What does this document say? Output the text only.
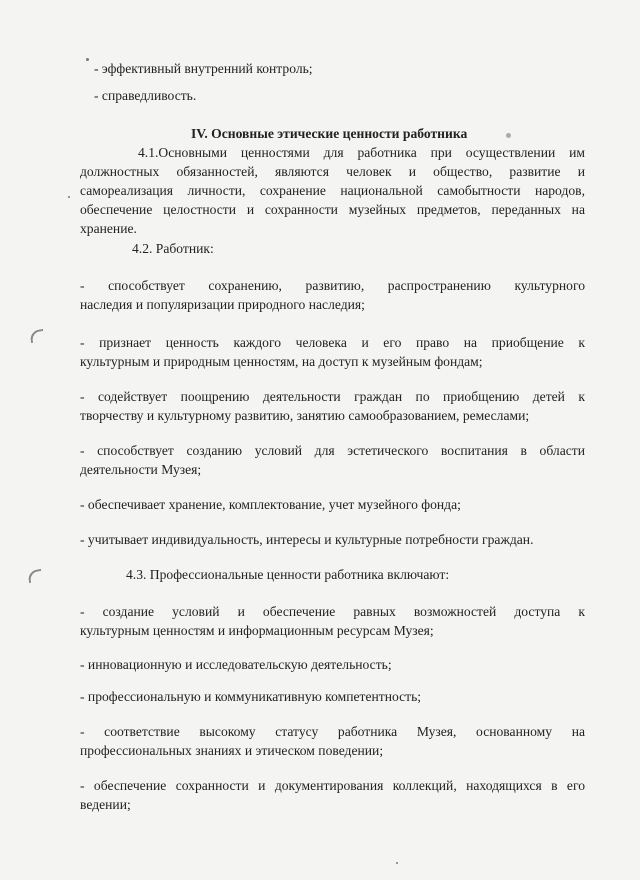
- эффективный внутренний контроль;

- справедливость.

IV. Основные этические ценности работника

4.1.Основными ценностями для работника при осуществлении им

должностных обязанностей, являются человек и общество, развитие и

самореализация личности, сохранение национальной самобытности народов,

обеспечение целостности и сохранности музейных предметов, переданных на

хранение.

4.2. Работник:

- способствует сохранению, развитию, распространению культурного

наследия и популяризации природного наследия;

- признает ценность каждого человека и его право на приобщение к

культурным и природным ценностям, на доступ к музейным фондам;

- содействует поощрению деятельности граждан по приобщению детей к

творчеству и культурному развитию, занятию самообразованием, ремеслами;

- способствует созданию условий для эстетического воспитания в области

деятельности Музея;

- обеспечивает хранение, комплектование, учет музейного фонда;

- учитывает индивидуальность, интересы и культурные потребности граждан.

4.3. Профессиональные ценности работника включают:

- создание условий и обеспечение равных возможностей доступа к

культурным ценностям и информационным ресурсам Музея;

- инновационную и исследовательскую деятельность;

- профессиональную и коммуникативную компетентность;

- соответствие высокому статусу работника Музея, основанному на

профессиональных знаниях и этическом поведении;

- обеспечение сохранности и документирования коллекций, находящихся в его

ведении;
